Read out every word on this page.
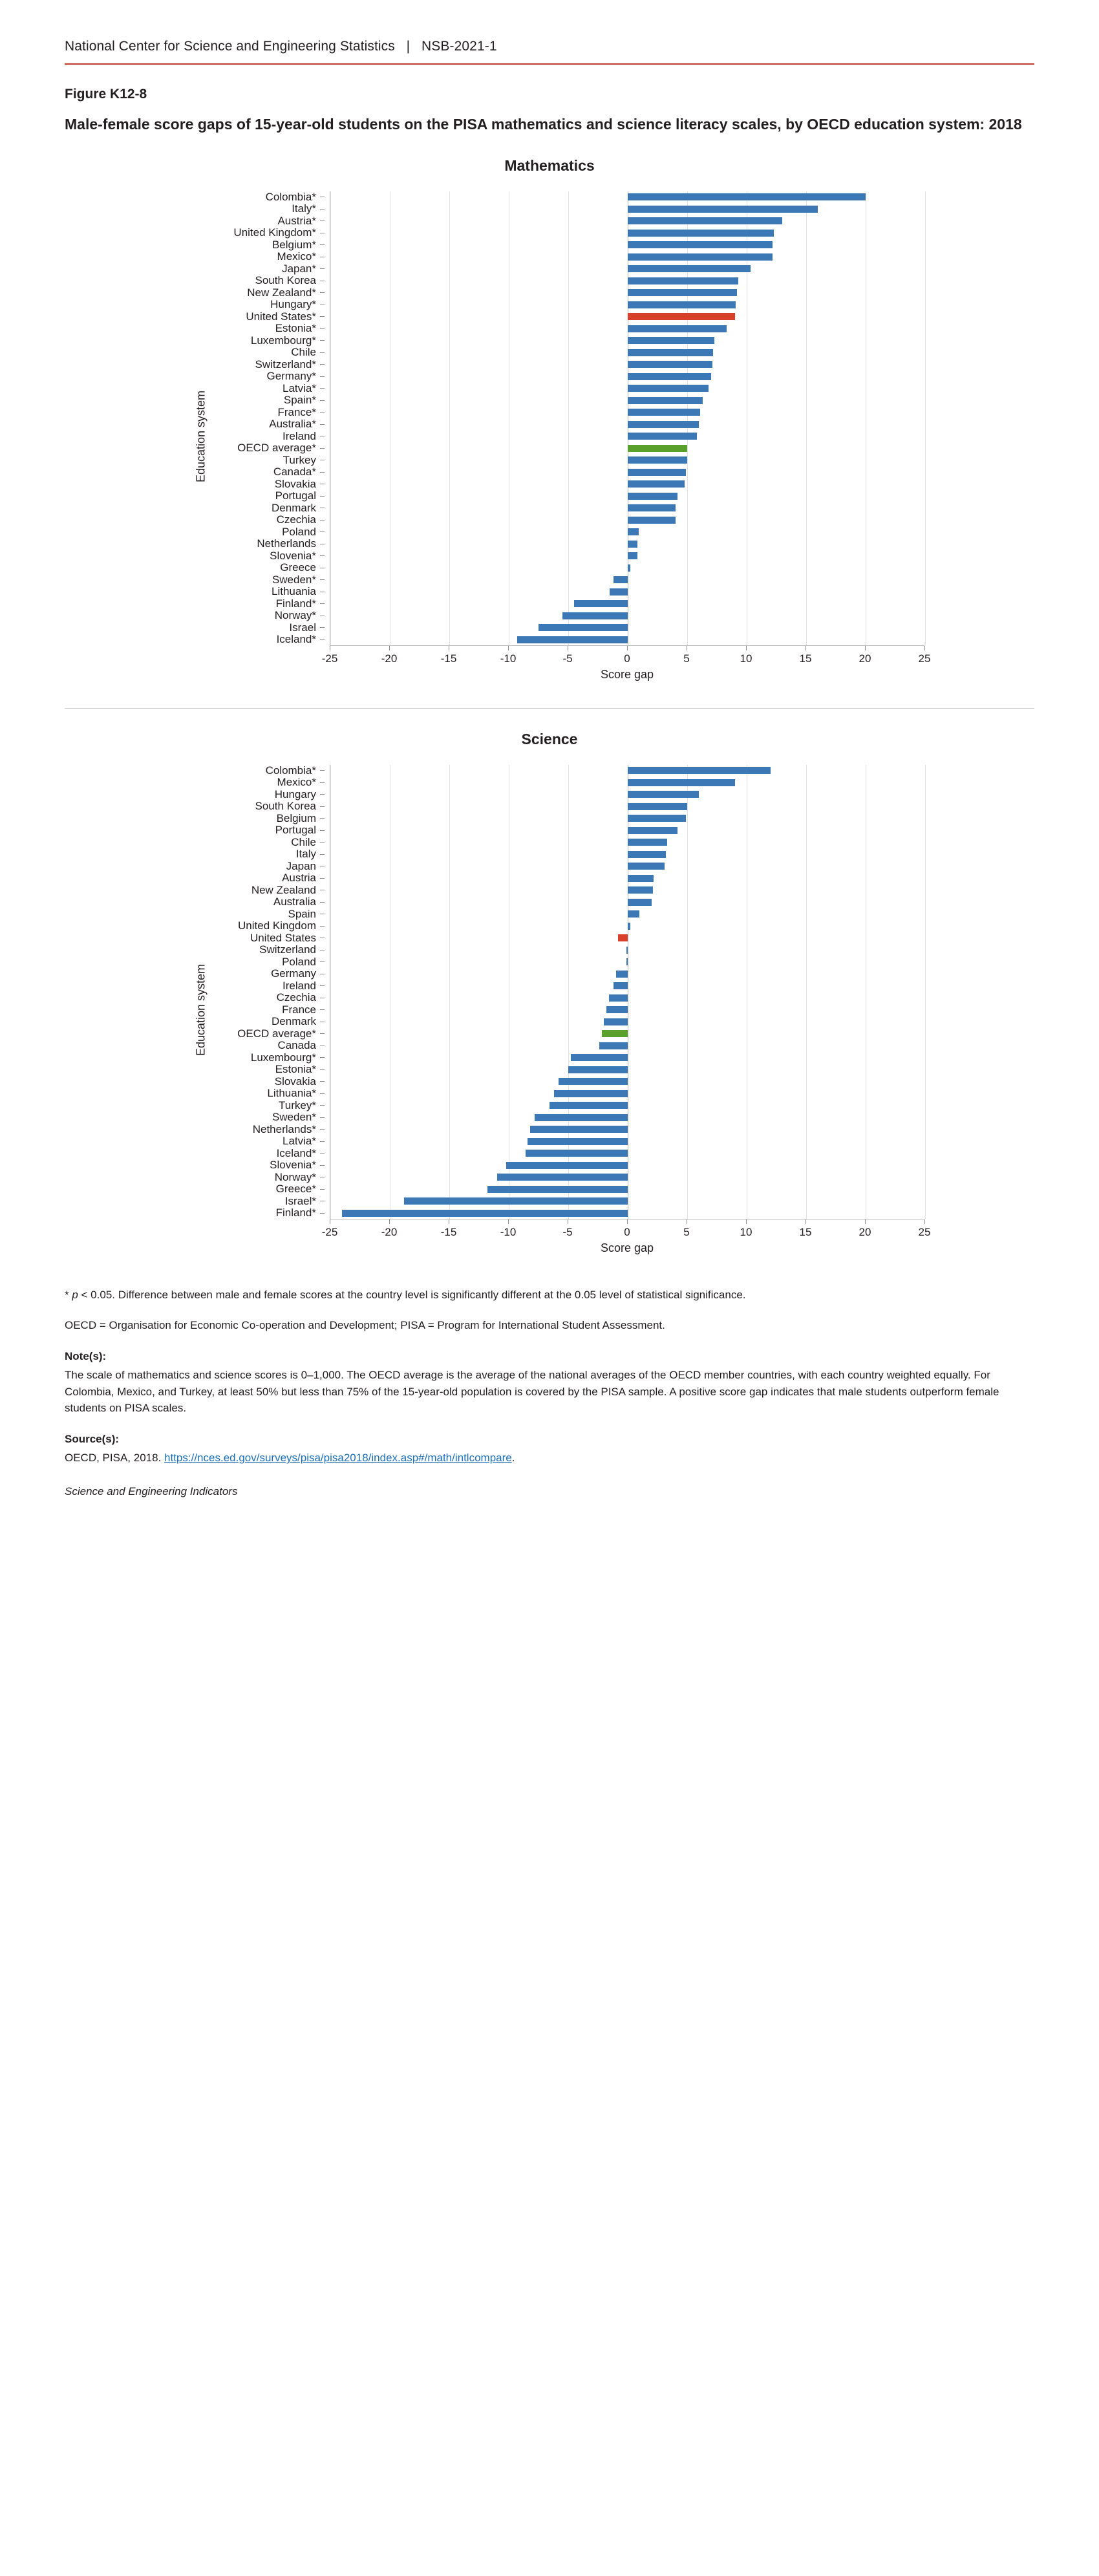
National Center for Science and Engineering Statistics | NSB-2021-1
Figure K12-8
Male-female score gaps of 15-year-old students on the PISA mathematics and science literacy scales, by OECD education system: 2018
Mathematics
Education system
Colombia*
Italy*
Austria*
United Kingdom*
Belgium*
Mexico*
Japan*
South Korea
New Zealand*
Hungary*
United States*
Estonia*
Luxembourg*
Chile
Switzerland*
Germany*
Latvia*
Spain*
France*
Australia*
Ireland
OECD average*
Turkey
Canada*
Slovakia
Portugal
Denmark
Czechia
Poland
Netherlands
Slovenia*
Greece
Sweden*
Lithuania
Finland*
Norway*
Israel
Iceland*
-25	-20	-15	-10	-5	0	5	10	15	20	25
Score gap
Science
Education system
Colombia*
Mexico*
Hungary
South Korea
Belgium
Portugal
Chile
Italy
Japan
Austria
New Zealand
Australia
Spain
United Kingdom
United States
Switzerland
Poland
Germany
Ireland
Czechia
France
Denmark
OECD average*
Canada
Luxembourg*
Estonia*
Slovakia
Lithuania*
Turkey*
Sweden*
Netherlands*
Latvia*
Iceland*
Slovenia*
Norway*
Greece*
Israel*
Finland*
-25	-20	-15	-10	-5	0	5	10	15	20	25
Score gap

* p < 0.05. Difference between male and female scores at the country level is significantly different at the 0.05 level of statistical significance.

OECD = Organisation for Economic Co-operation and Development; PISA = Program for International Student Assessment.

Note(s):

The scale of mathematics and science scores is 0–1,000. The OECD average is the average of the national averages of the OECD member countries, with each country weighted equally. For Colombia, Mexico, and Turkey, at least 50% but less than 75% of the 15-year-old population is covered by the PISA sample. A positive score gap indicates that male students outperform female students on PISA scales.

Source(s):

OECD, PISA, 2018. https://nces.ed.gov/surveys/pisa/pisa2018/index.asp#/math/intlcompare.

Science and Engineering Indicators
